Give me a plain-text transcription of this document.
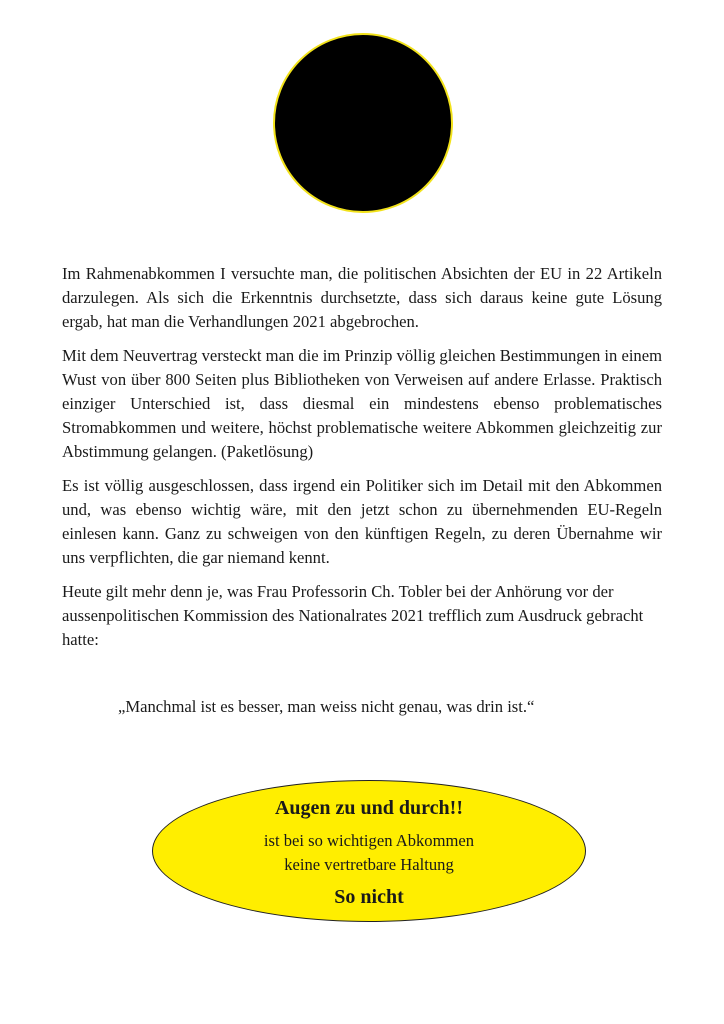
Im Rahmenabkommen I versuchte man, die politischen Absichten der EU in 22 Artikeln darzulegen. Als sich die Erkenntnis durchsetzte, dass sich daraus keine gute Lösung ergab, hat man die Verhandlungen 2021 abgebrochen.

Mit dem Neuvertrag versteckt man die im Prinzip völlig gleichen Bestimmungen in einem Wust von über 800 Seiten plus Bibliotheken von Verweisen auf andere Erlasse. Praktisch einziger Unterschied ist, dass diesmal ein mindestens ebenso problematisches Stromabkommen und weitere, höchst problematische weitere Abkommen gleichzeitig zur Abstimmung gelangen. (Paketlösung)

Es ist völlig ausgeschlossen, dass irgend ein Politiker sich im Detail mit den Abkommen und, was ebenso wichtig wäre, mit den jetzt schon zu übernehmenden EU-Regeln einlesen kann. Ganz zu schweigen von den künftigen Regeln, zu deren Übernahme wir uns verpflichten, die gar niemand kennt.

Heute gilt mehr denn je, was Frau Professorin Ch. Tobler bei der Anhörung vor der aussenpolitischen Kommission des Nationalrates 2021 trefflich zum Ausdruck gebracht hatte:

„Manchmal ist es besser, man weiss nicht genau, was drin ist.“
Augen zu und durch!!
ist bei so wichtigen Abkommen
keine vertretbare Haltung
So nicht
